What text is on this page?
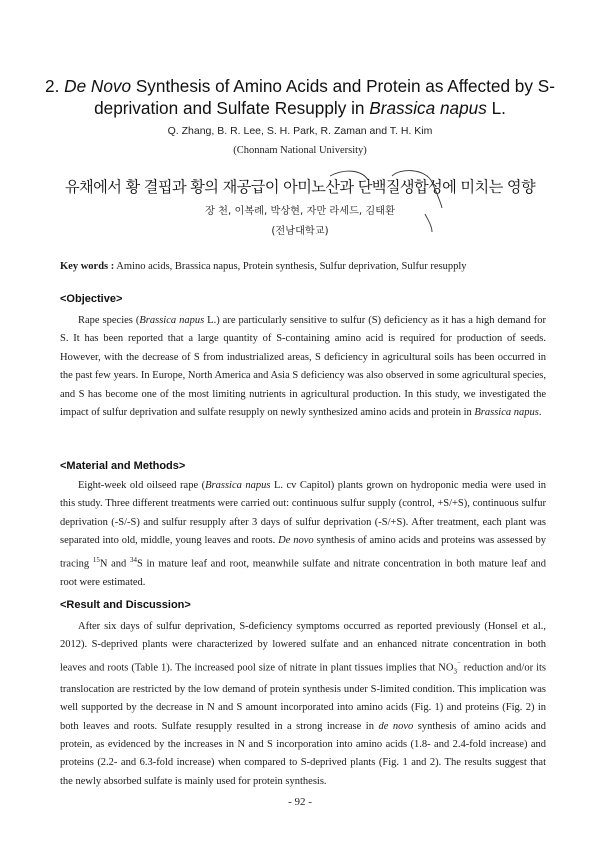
2. De Novo Synthesis of Amino Acids and Protein as Affected by S-deprivation and Sulfate Resupply in Brassica napus L.
Q. Zhang, B. R. Lee, S. H. Park, R. Zaman and T. H. Kim
(Chonnam National University)
유채에서 황 결핍과 황의 재공급이 아미노산과 단백질생합성에 미치는 영향
장 천, 이복례, 박상현, 자만 라세드, 김태환
(전남대학교)
Key words : Amino acids, Brassica napus, Protein synthesis, Sulfur deprivation, Sulfur resupply
<Objective>

Rape species (Brassica napus L.) are particularly sensitive to sulfur (S) deficiency as it has a high demand for S. It has been reported that a large quantity of S-containing amino acid is required for production of seeds. However, with the decrease of S from industrialized areas, S deficiency in agricultural soils has been occurred in the past few years. In Europe, North America and Asia S deficiency was also observed in some agricultural species, and S has become one of the most limiting nutrients in agricultural production. In this study, we investigated the impact of sulfur deprivation and sulfate resupply on newly synthesized amino acids and protein in Brassica napus.

<Material and Methods>

Eight-week old oilseed rape (Brassica napus L. cv Capitol) plants grown on hydroponic media were used in this study. Three different treatments were carried out: continuous sulfur supply (control, +S/+S), continuous sulfur deprivation (-S/-S) and sulfur resupply after 3 days of sulfur deprivation (-S/+S). After treatment, each plant was separated into old, middle, young leaves and roots. De novo synthesis of amino acids and proteins was assessed by tracing $^{15}$N and $^{34}$S in mature leaf and root, meanwhile sulfate and nitrate concentration in both mature leaf and root were estimated.

<Result and Discussion>

After six days of sulfur deprivation, S-deficiency symptoms occurred as reported previously (Honsel et al., 2012). S-deprived plants were characterized by lowered sulfate and an enhanced nitrate concentration in both leaves and roots (Table 1). The increased pool size of nitrate in plant tissues implies that $NO_3^{^-}$ reduction and/or its translocation are restricted by the low demand of protein synthesis under S-limited condition. This implication was well supported by the decrease in N and S amount incorporated into amino acids (Fig. 1) and proteins (Fig. 2) in both leaves and roots. Sulfate resupply resulted in a strong increase in de novo synthesis of amino acids and protein, as evidenced by the increases in N and S incorporation into amino acids (1.8- and 2.4-fold increase) and proteins (2.2- and 6.3-fold increase) when compared to S-deprived plants (Fig. 1 and 2). The results suggest that the newly absorbed sulfate is mainly used for protein synthesis.

- 92 -
